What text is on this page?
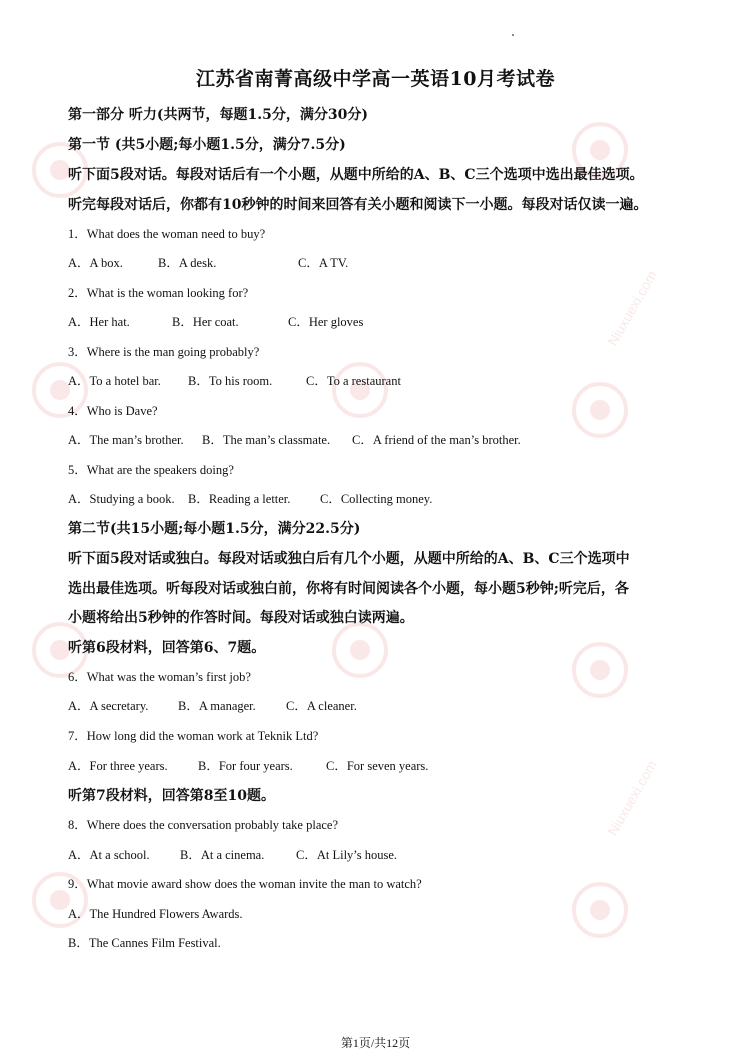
Niuxuexi.com
Niuxuexi.com
江苏省南菁高级中学高一英语10月考试卷
第一部分 听力(共两节，每题1.5分，满分30分)
第一节 (共5小题;每小题1.5分，满分7.5分)
听下面5段对话。每段对话后有一个小题，从题中所给的A、B、C三个选项中选出最佳选项。
听完每段对话后，你都有10秒钟的时间来回答有关小题和阅读下一小题。每段对话仅读一遍。
1．What does the woman need to buy?
A．A box.	B．A desk.	C．A TV.
2．What is the woman looking for?
A．Her hat.	B．Her coat.	C．Her gloves
3．Where is the man going probably?
A．To a hotel bar. B．To his room.	C．To a restaurant
4．Who is Dave?
A．The man’s brother. B．The man’s classmate. C．A friend of the man’s brother.
5．What are the speakers doing?
A．Studying a book. B．Reading a letter. C．Collecting money.
第二节(共15小题;每小题1.5分，满分22.5分)
听下面5段对话或独白。每段对话或独白后有几个小题，从题中所给的A、B、C三个选项中
选出最佳选项。听每段对话或独白前，你将有时间阅读各个小题，每小题5秒钟;听完后，各
小题将给出5秒钟的作答时间。每段对话或独白读两遍。
听第6段材料，回答第6、7题。
6．What was the woman’s first job?
A．A secretary. B．A manager. C．A cleaner.
7．How long did the woman work at Teknik Ltd?
A．For three years. B．For four years.	C．For seven years.
听第7段材料，回答第8至10题。
8．Where does the conversation probably take place?
A．At a school. B．At a cinema.	C．At Lily’s house.
9．What movie award show does the woman invite the man to watch?
A．The Hundred Flowers Awards.
B．The Cannes Film Festival.
第1页/共12页
